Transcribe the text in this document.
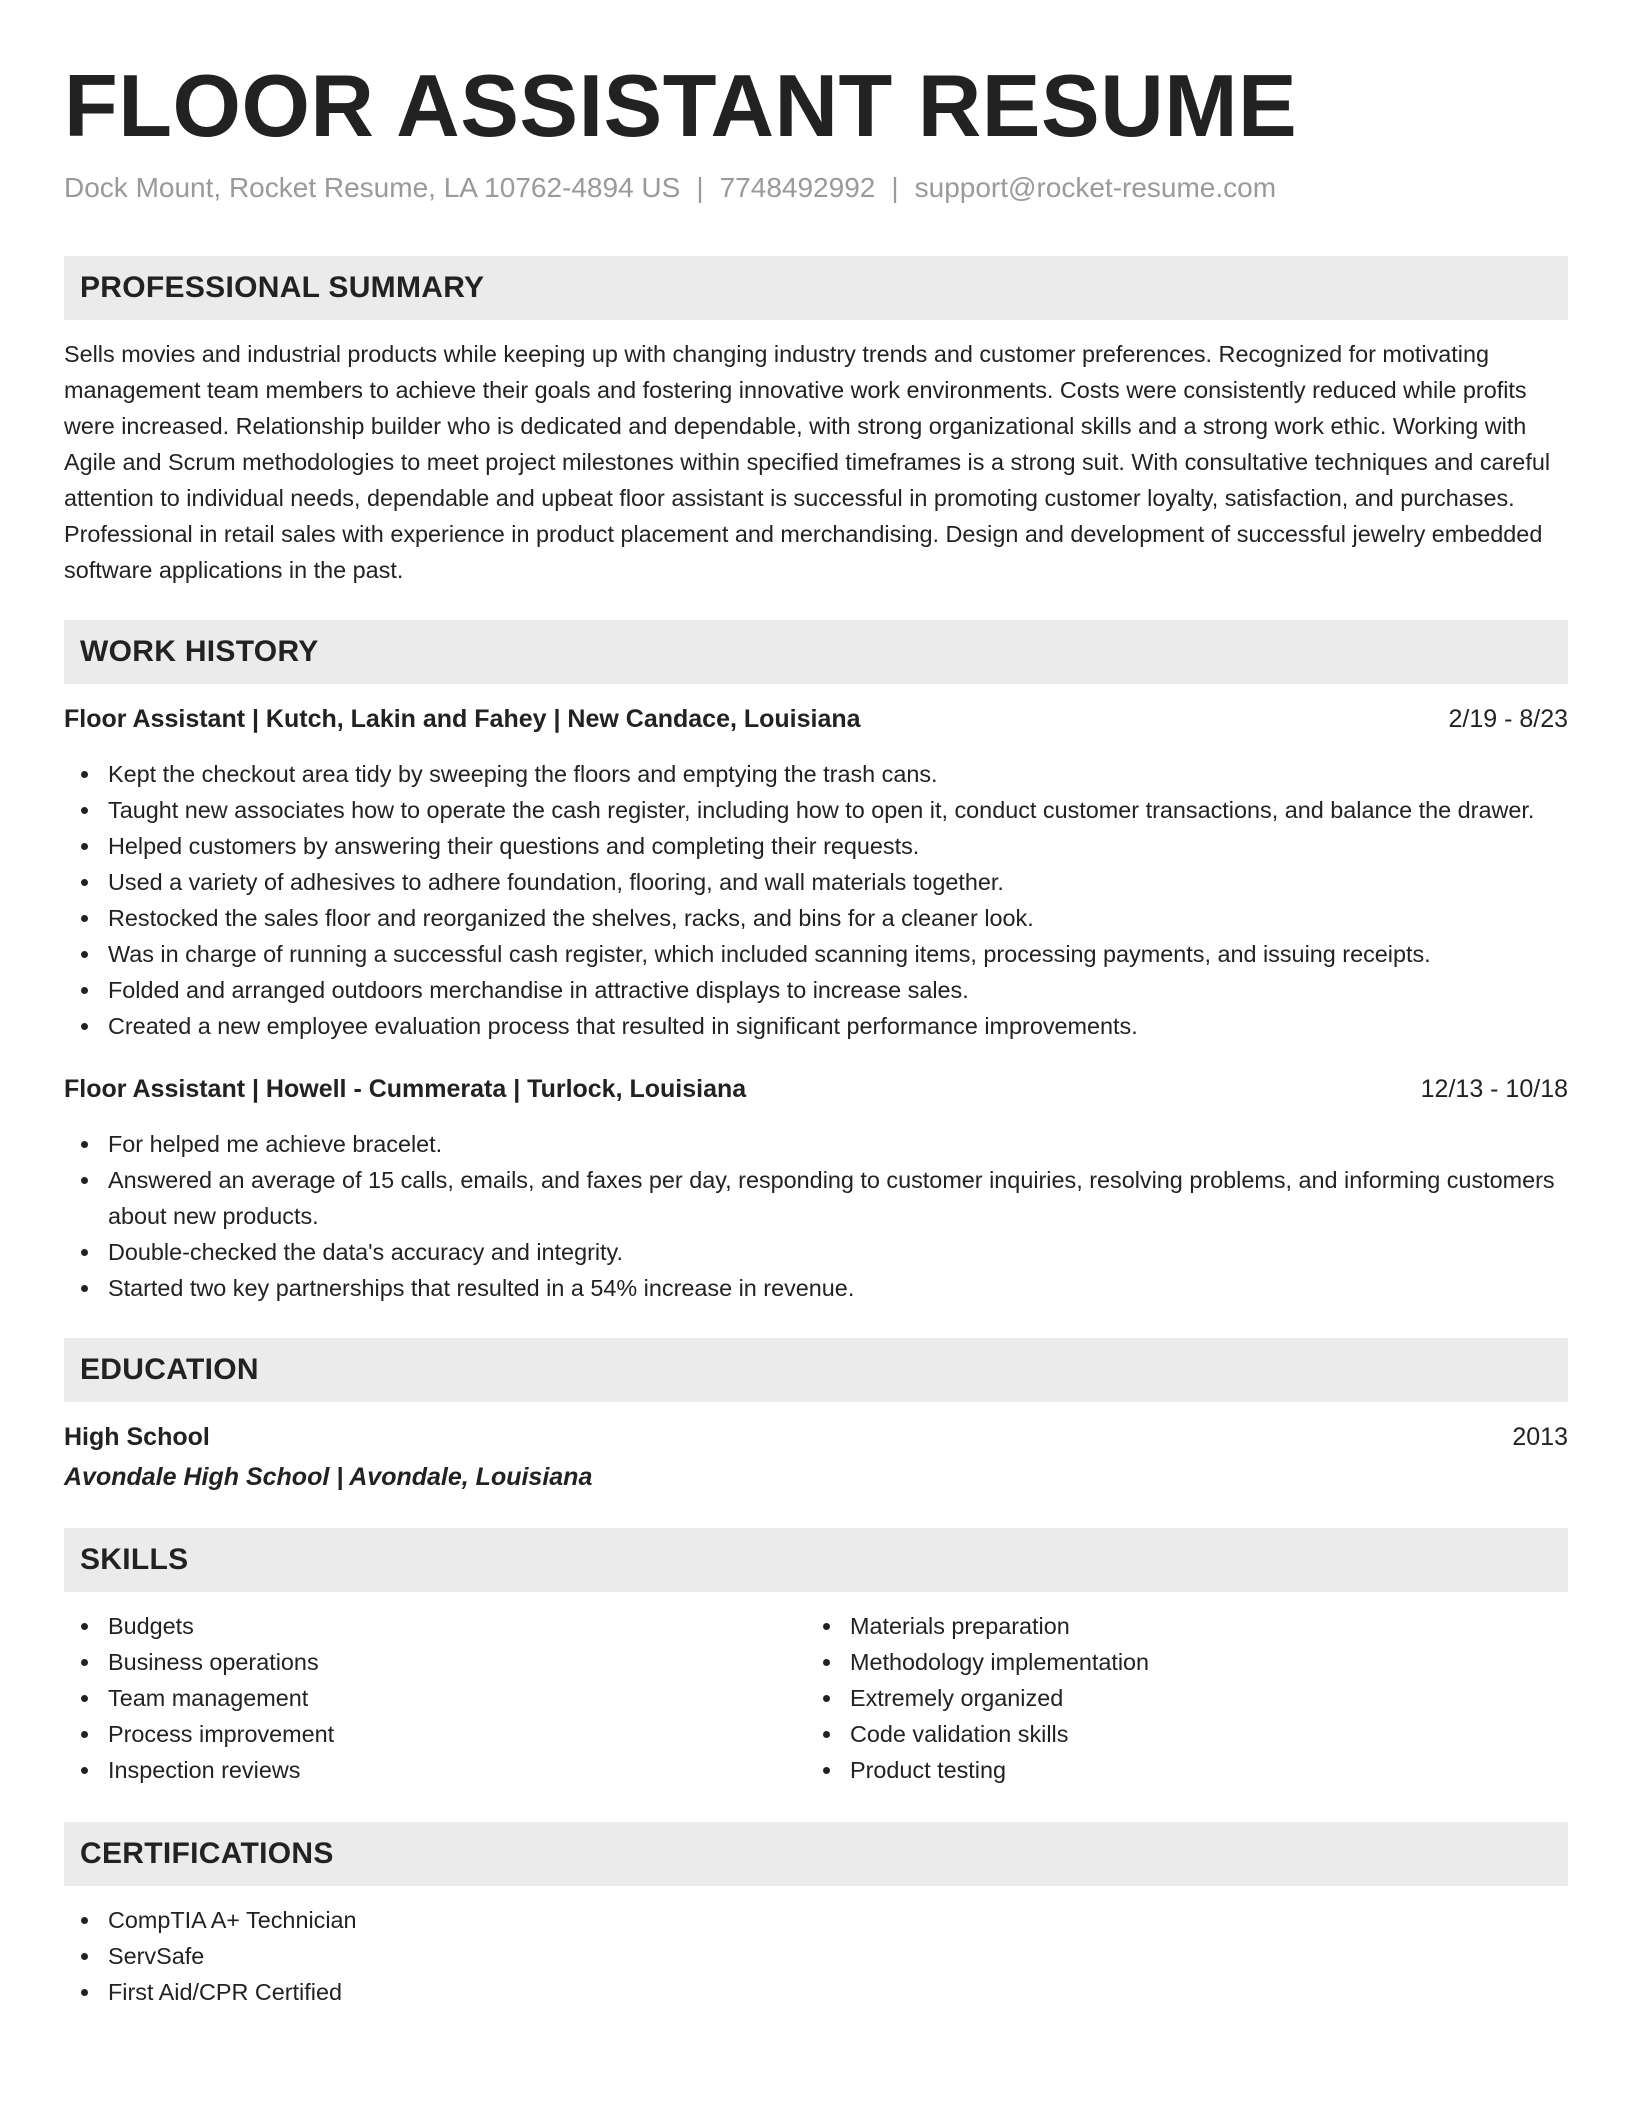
FLOOR ASSISTANT RESUME
Dock Mount, Rocket Resume, LA 10762-4894 US | 7748492992 | support@rocket-resume.com
PROFESSIONAL SUMMARY

Sells movies and industrial products while keeping up with changing industry trends and customer preferences. Recognized for motivating management team members to achieve their goals and fostering innovative work environments. Costs were consistently reduced while profits were increased. Relationship builder who is dedicated and dependable, with strong organizational skills and a strong work ethic. Working with Agile and Scrum methodologies to meet project milestones within specified timeframes is a strong suit. With consultative techniques and careful attention to individual needs, dependable and upbeat floor assistant is successful in promoting customer loyalty, satisfaction, and purchases. Professional in retail sales with experience in product placement and merchandising. Design and development of successful jewelry embedded software applications in the past.

WORK HISTORY
Floor Assistant | Kutch, Lakin and Fahey | New Candace, Louisiana	2/19 - 8/23
Kept the checkout area tidy by sweeping the floors and emptying the trash cans.
Taught new associates how to operate the cash register, including how to open it, conduct customer transactions, and balance the drawer.
Helped customers by answering their questions and completing their requests.
Used a variety of adhesives to adhere foundation, flooring, and wall materials together.
Restocked the sales floor and reorganized the shelves, racks, and bins for a cleaner look.
Was in charge of running a successful cash register, which included scanning items, processing payments, and issuing receipts.
Folded and arranged outdoors merchandise in attractive displays to increase sales.
Created a new employee evaluation process that resulted in significant performance improvements.
Floor Assistant | Howell - Cummerata | Turlock, Louisiana	12/13 - 10/18
For helped me achieve bracelet.
Answered an average of 15 calls, emails, and faxes per day, responding to customer inquiries, resolving problems, and informing customers about new products.
Double-checked the data's accuracy and integrity.
Started two key partnerships that resulted in a 54% increase in revenue.
EDUCATION
High School	2013
Avondale High School | Avondale, Louisiana
SKILLS
Budgets
Business operations
Team management
Process improvement
Inspection reviews
Materials preparation
Methodology implementation
Extremely organized
Code validation skills
Product testing
CERTIFICATIONS
CompTIA A+ Technician
ServSafe
First Aid/CPR Certified
